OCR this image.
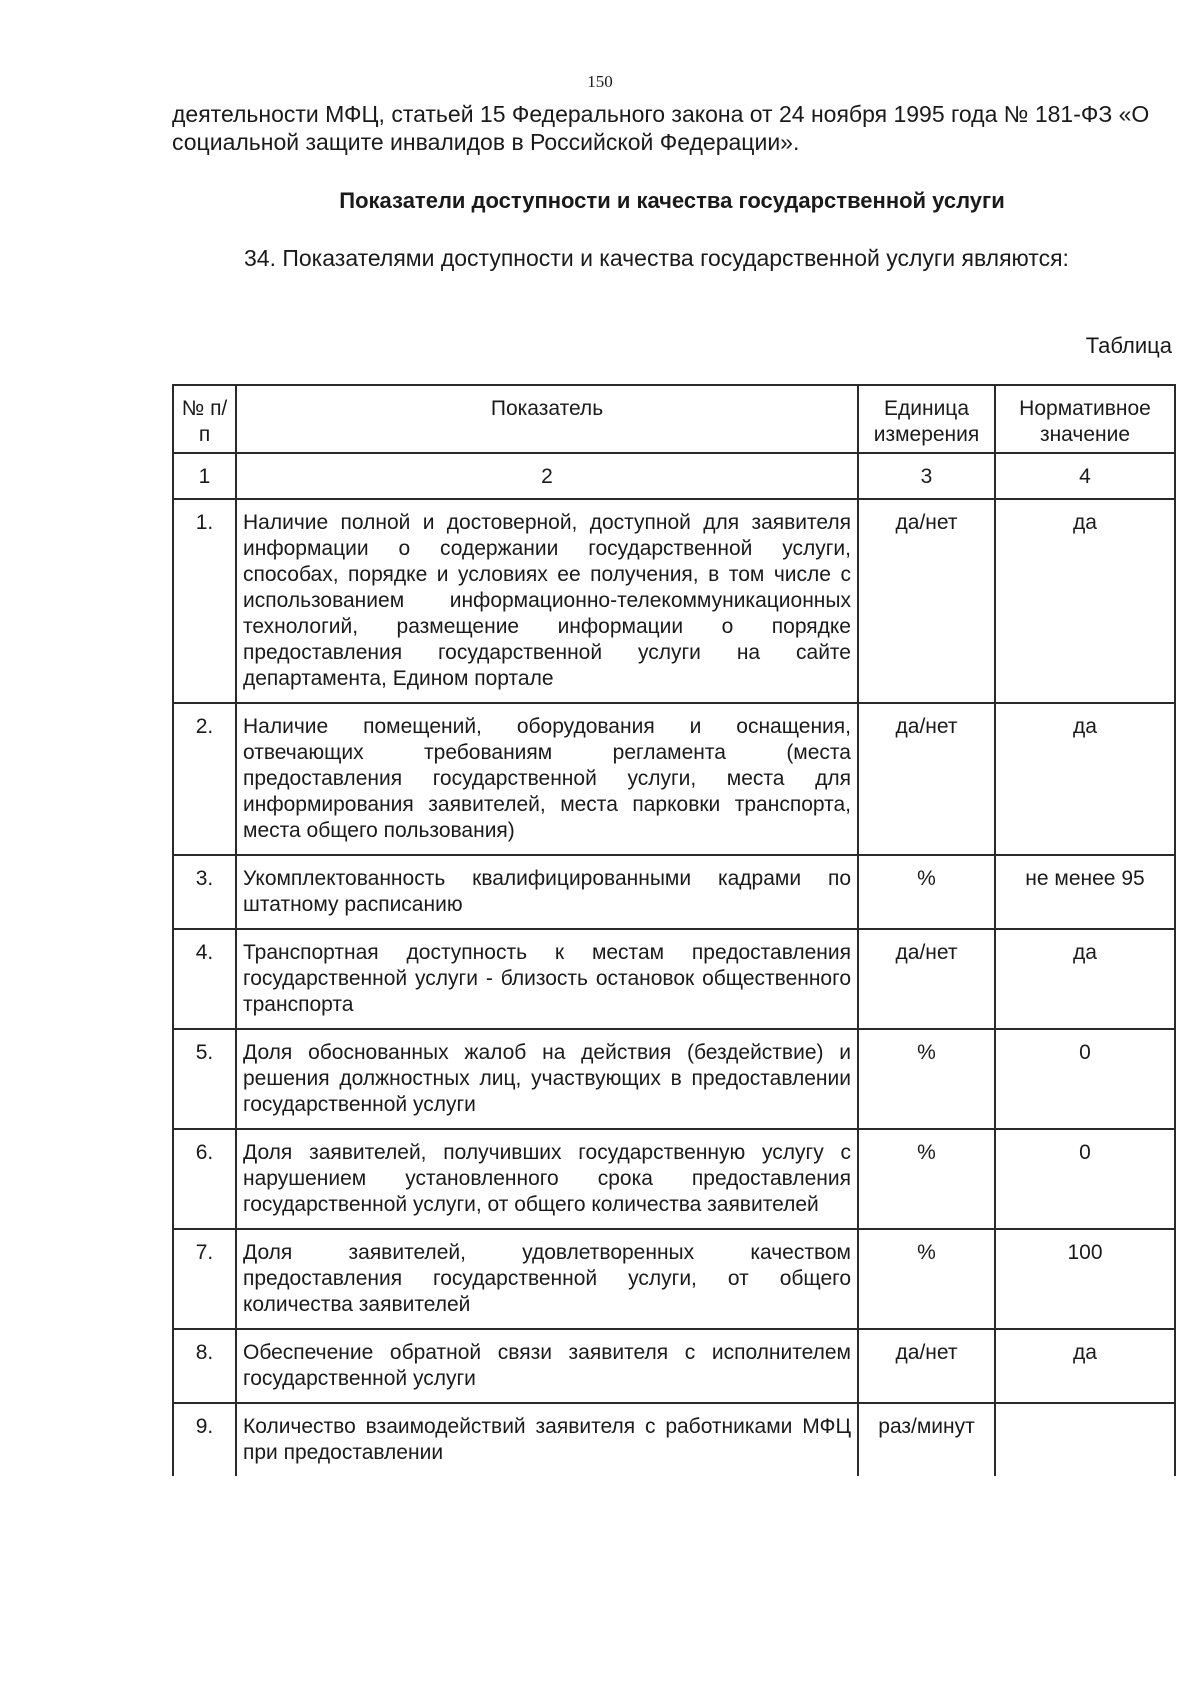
150
деятельности МФЦ, статьей 15 Федерального закона от 24 ноября 1995 года № 181-ФЗ «О социальной защите инвалидов в Российской Федерации».
Показатели доступности и качества государственной услуги
34. Показателями доступности и качества государственной услуги являются:
Таблица
№ п/п	Показатель	Единица измерения	Нормативное значение
1	2	3	4
1.	Наличие полной и достоверной, доступной для заявителя информации о содержании государственной услуги, способах, порядке и условиях ее получения, в том числе с использованием информационно-телекоммуникационных технологий, размещение информации о порядке предоставления государственной услуги на сайте департамента, Едином портале	да/нет	да
2.	Наличие помещений, оборудования и оснащения, отвечающих требованиям регламента (места предоставления государственной услуги, места для информирования заявителей, места парковки транспорта, места общего пользования)	да/нет	да
3.	Укомплектованность квалифицированными кадрами по штатному расписанию	%	не менее 95
4.	Транспортная доступность к местам предоставления государственной услуги - близость остановок общественного транспорта	да/нет	да
5.	Доля обоснованных жалоб на действия (бездействие) и решения должностных лиц, участвующих в предоставлении государственной услуги	%	0
6.	Доля заявителей, получивших государственную услугу с нарушением установленного срока предоставления государственной услуги, от общего количества заявителей	%	0
7.	Доля заявителей, удовлетворенных качеством предоставления государственной услуги, от общего количества заявителей	%	100
8.	Обеспечение обратной связи заявителя с исполнителем государственной услуги	да/нет	да
9.	Количество взаимодействий заявителя с работниками МФЦ при предоставлении	раз/минут	
